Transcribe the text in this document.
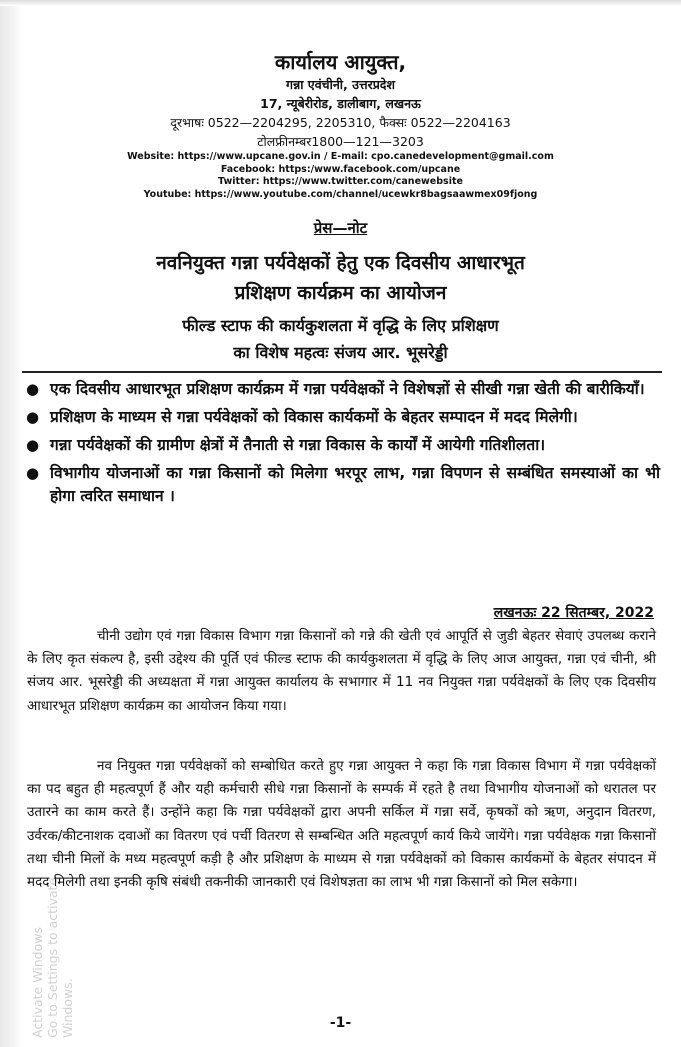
कार्यालय आयुक्त,
गन्ना एवंचीनी, उत्तरप्रदेश
17, न्यूबेरीरोड, डालीबाग, लखनऊ
दूरभाषः 0522—2204295, 2205310, फैक्सः 0522—2204163
टोलफ्रीनम्बर1800—121—3203
Website: https://www.upcane.gov.in / E-mail: cpo.canedevelopment@gmail.com
Facebook: https:/www.facebook.com/upcane
Twitter: https://www.twitter.com/canewebsite
Youtube: https://www.youtube.com/channel/ucewkr8bagsaawmex09fjong
प्रेस—नोट
नवनियुक्त गन्ना पर्यवेक्षकों हेतु एक दिवसीय आधारभूत
प्रशिक्षण कार्यक्रम का आयोजन
फील्ड स्टाफ की कार्यकुशलता में वृद्धि के लिए प्रशिक्षण
का विशेष महत्वः संजय आर. भूसरेड्डी
● एक दिवसीय आधारभूत प्रशिक्षण कार्यक्रम में गन्ना पर्यवेक्षकों ने विशेषज्ञों से सीखी गन्ना खेती की बारीकियाँ।
● प्रशिक्षण के माध्यम से गन्ना पर्यवेक्षकों को विकास कार्यकमों के बेहतर सम्पादन में मदद मिलेगी।
● गन्ना पर्यवेक्षकों की ग्रामीण क्षेत्रों में तैनाती से गन्ना विकास के कार्यों में आयेगी गतिशीलता।
● विभागीय योजनाओं का गन्ना किसानों को मिलेगा भरपूर लाभ, गन्ना विपणन से सम्बंधित समस्याओं का भी होगा त्वरित समाधान ।
लखनऊः 22 सितम्बर, 2022

चीनी उद्योग एवं गन्ना विकास विभाग गन्ना किसानों को गन्ने की खेती एवं आपूर्ति से जुडी बेहतर सेवाएं उपलब्ध कराने के लिए कृत संकल्प है, इसी उद्देश्य की पूर्ति एवं फील्ड स्टाफ की कार्यकुशलता में वृद्धि के लिए आज आयुक्त, गन्ना एवं चीनी, श्री संजय आर. भूसरेड्डी की अध्यक्षता में गन्ना आयुक्त कार्यालय के सभागार में 11 नव नियुक्त गन्ना पर्यवेक्षकों के लिए एक दिवसीय आधारभूत प्रशिक्षण कार्यक्रम का आयोजन किया गया।

नव नियुक्त गन्ना पर्यवेक्षकों को सम्बोधित करते हुए गन्ना आयुक्त ने कहा कि गन्ना विकास विभाग में गन्ना पर्यवेक्षकों का पद बहुत ही महत्वपूर्ण हैं और यही कर्मचारी सीधे गन्ना किसानों के सम्पर्क में रहते है तथा विभागीय योजनाओं को धरातल पर उतारने का काम करते हैं। उन्होंने कहा कि गन्ना पर्यवेक्षकों द्वारा अपनी सर्किल में गन्ना सर्वे, कृषकों को ऋण, अनुदान वितरण, उर्वरक/कीटनाशक दवाओं का वितरण एवं पर्ची वितरण से सम्बन्धित अति महत्वपूर्ण कार्य किये जायेंगे। गन्ना पर्यवेक्षक गन्ना किसानों तथा चीनी मिलों के मध्य महत्वपूर्ण कड़ी है और प्रशिक्षण के माध्यम से गन्ना पर्यवेक्षकों को विकास कार्यकमों के बेहतर संपादन में मदद मिलेगी तथा इनकी कृषि संबंधी तकनीकी जानकारी एवं विशेषज्ञता का लाभ भी गन्ना किसानों को मिल सकेगा।

Activate Windows Go to Settings to activate Windows.	-1-
